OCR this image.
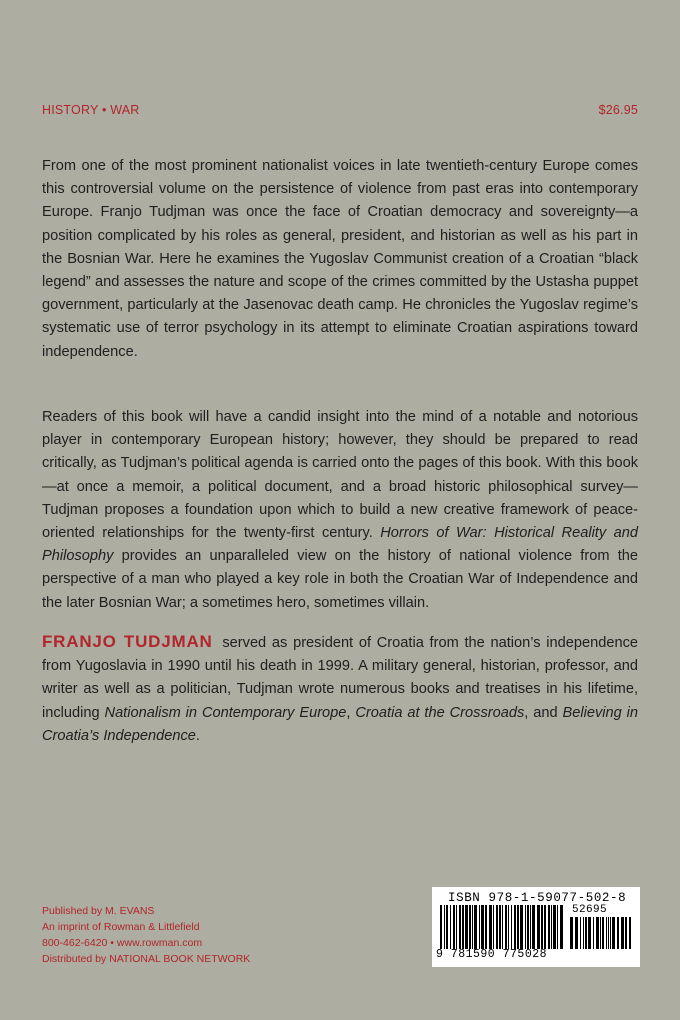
HISTORY • WAR	$26.95
From one of the most prominent nationalist voices in late twentieth-century Europe comes this controversial volume on the persistence of violence from past eras into contemporary Europe. Franjo Tudjman was once the face of Croatian democracy and sovereignty—a position complicated by his roles as general, president, and historian as well as his part in the Bosnian War. Here he examines the Yugoslav Communist creation of a Croatian “black legend” and assesses the nature and scope of the crimes committed by the Ustasha puppet government, particularly at the Jasenovac death camp. He chronicles the Yugoslav regime’s systematic use of terror psychology in its attempt to eliminate Croatian aspirations toward independence.
Readers of this book will have a candid insight into the mind of a notable and notorious player in contemporary European history; however, they should be prepared to read critically, as Tudjman’s political agenda is carried onto the pages of this book. With this book—at once a memoir, a political document, and a broad historic philosophical survey—Tudjman proposes a foundation upon which to build a new creative framework of peace-oriented relationships for the twenty-first century. Horrors of War: Historical Reality and Philosophy provides an unparalleled view on the history of national violence from the perspective of a man who played a key role in both the Croatian War of Independence and the later Bosnian War; a sometimes hero, sometimes villain.
FRANJO TUDJMAN served as president of Croatia from the nation’s independence from Yugoslavia in 1990 until his death in 1999. A military general, historian, professor, and writer as well as a politician, Tudjman wrote numerous books and treatises in his lifetime, including Nationalism in Contemporary Europe, Croatia at the Crossroads, and Believing in Croatia’s Independence.
Published by M. EVANS
An imprint of Rowman & Littlefield
800-462-6420 • www.rowman.com
Distributed by NATIONAL BOOK NETWORK
ISBN 978-1-59077-502-8
52695
9 781590 775028
